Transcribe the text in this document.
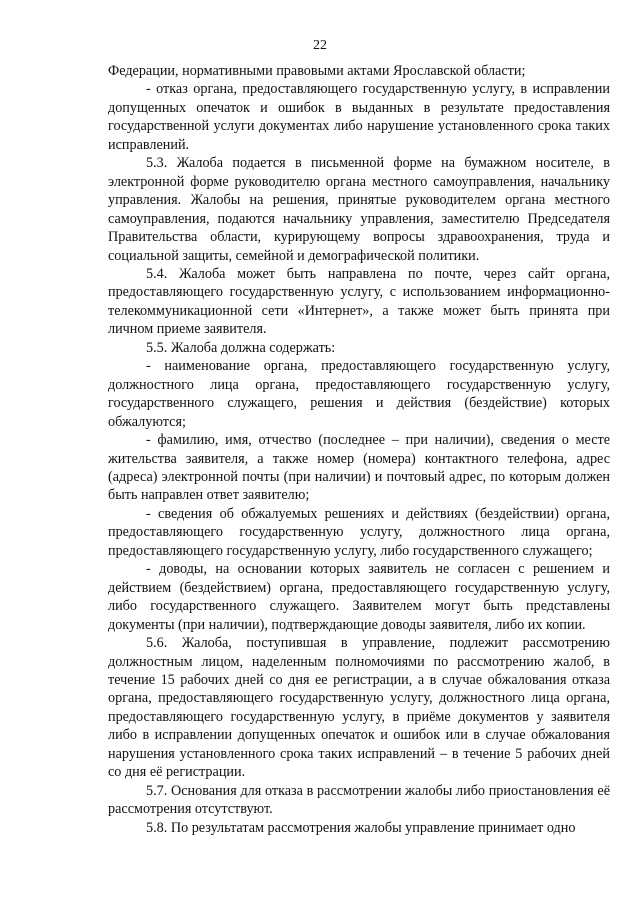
22

Федерации, нормативными правовыми актами Ярославской области;

- отказ органа, предоставляющего государственную услугу, в исправлении допущенных опечаток и ошибок в выданных в результате предоставления государственной услуги документах либо нарушение установленного срока таких исправлений.

5.3. Жалоба подается в письменной форме на бумажном носителе, в электронной форме руководителю органа местного самоуправления, начальнику управления. Жалобы на решения, принятые руководителем органа местного самоуправления, подаются начальнику управления, заместителю Председателя Правительства области, курирующему вопросы здравоохранения, труда и социальной защиты, семейной и демографической политики.

5.4. Жалоба может быть направлена по почте, через сайт органа, предоставляющего государственную услугу, с использованием информационно-телекоммуникационной сети «Интернет», а также может быть принята при личном приеме заявителя.

5.5. Жалоба должна содержать:

- наименование органа, предоставляющего государственную услугу, должностного лица органа, предоставляющего государственную услугу, государственного служащего, решения и действия (бездействие) которых обжалуются;

- фамилию, имя, отчество (последнее – при наличии), сведения о месте жительства заявителя, а также номер (номера) контактного телефона, адрес (адреса) электронной почты (при наличии) и почтовый адрес, по которым должен быть направлен ответ заявителю;

- сведения об обжалуемых решениях и действиях (бездействии) органа, предоставляющего государственную услугу, должностного лица органа, предоставляющего государственную услугу, либо государственного служащего;

- доводы, на основании которых заявитель не согласен с решением и действием (бездействием) органа, предоставляющего государственную услугу, либо государственного служащего. Заявителем могут быть представлены документы (при наличии), подтверждающие доводы заявителя, либо их копии.

5.6. Жалоба, поступившая в управление, подлежит рассмотрению должностным лицом, наделенным полномочиями по рассмотрению жалоб, в течение 15 рабочих дней со дня ее регистрации, а в случае обжалования отказа органа, предоставляющего государственную услугу, должностного лица органа, предоставляющего государственную услугу, в приёме документов у заявителя либо в исправлении допущенных опечаток и ошибок или в случае обжалования нарушения установленного срока таких исправлений – в течение 5 рабочих дней со дня её регистрации.

5.7. Основания для отказа в рассмотрении жалобы либо приостановления её рассмотрения отсутствуют.

5.8. По результатам рассмотрения жалобы управление принимает одно
